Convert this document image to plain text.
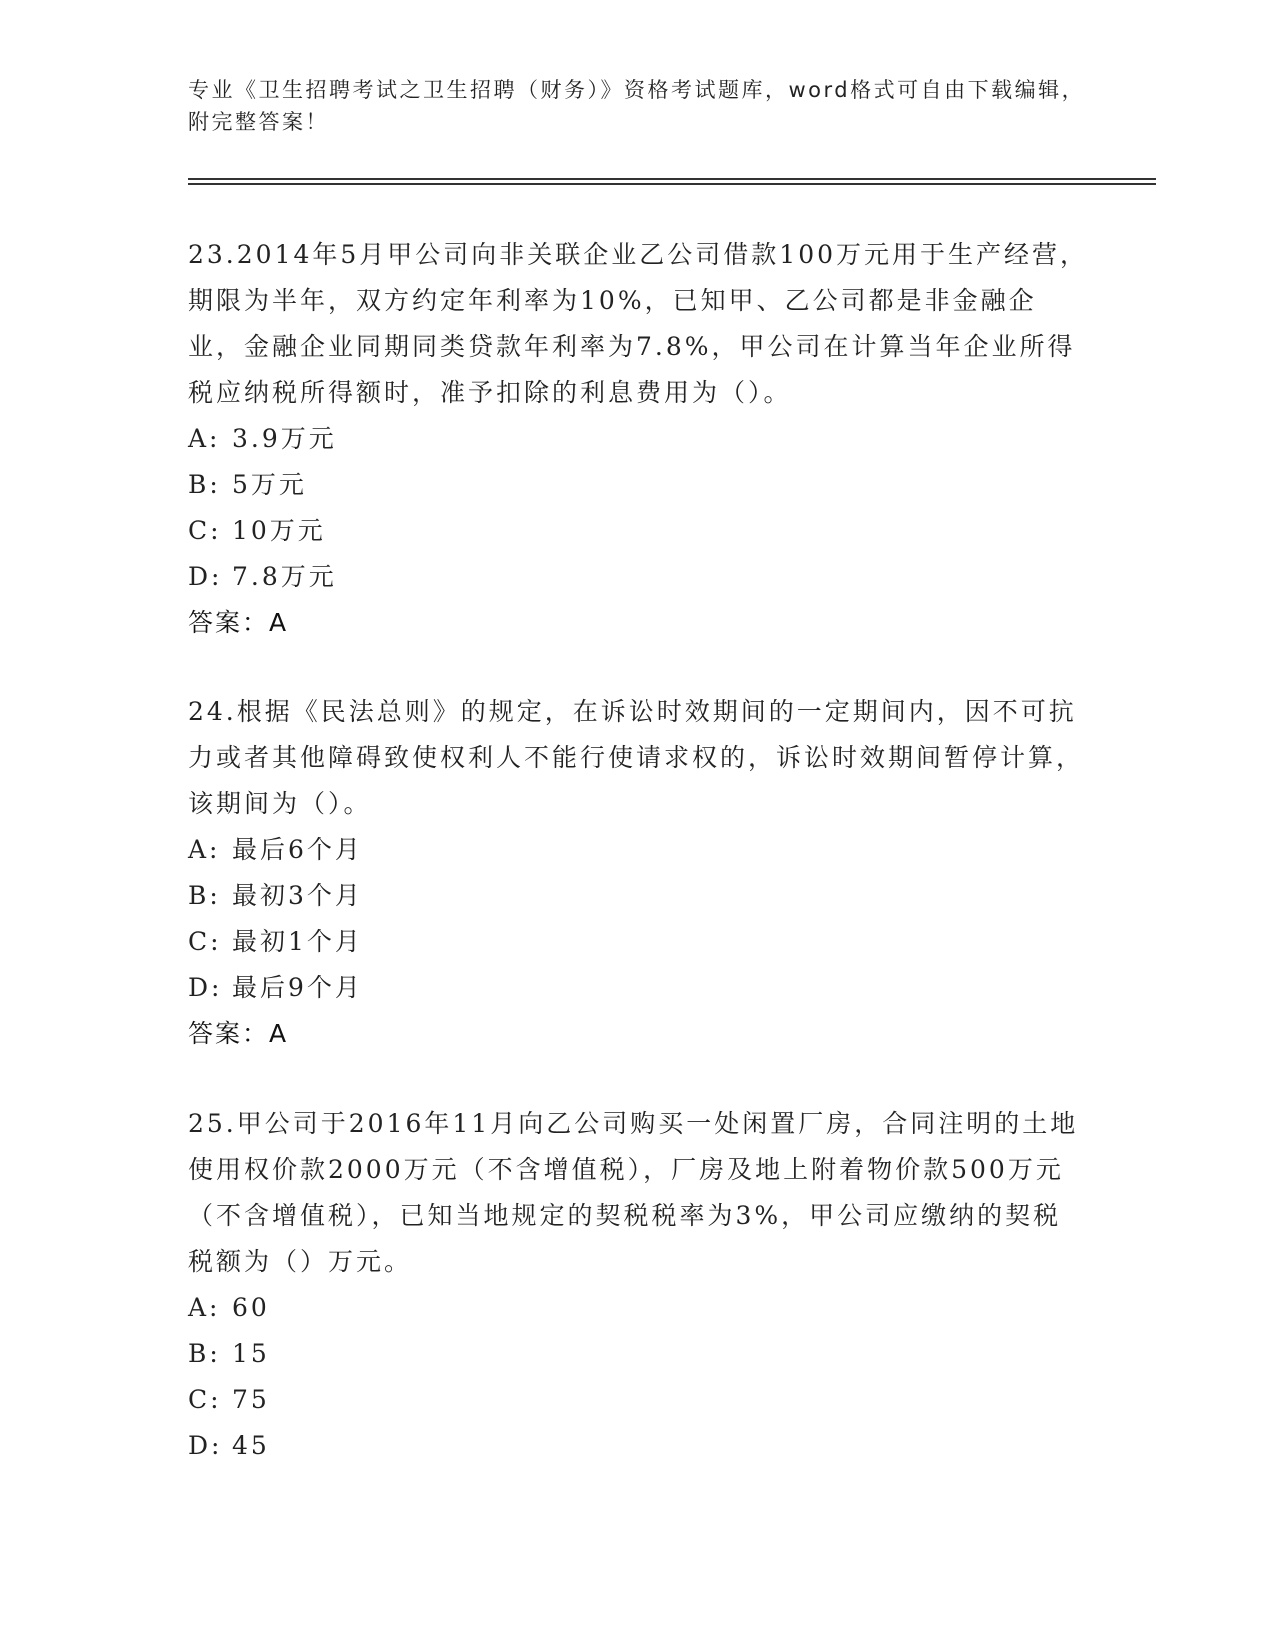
专业《卫生招聘考试之卫生招聘（财务）》资格考试题库，word格式可自由下载编辑，附完整答案！

23.2014年5月甲公司向非关联企业乙公司借款100万元用于生产经营，期限为半年，双方约定年利率为10%，已知甲、乙公司都是非金融企业，金融企业同期同类贷款年利率为7.8%，甲公司在计算当年企业所得税应纳税所得额时，准予扣除的利息费用为（）。

A: 3.9万元
B: 5万元
C: 10万元
D: 7.8万元

答案：A

24.根据《民法总则》的规定，在诉讼时效期间的一定期间内，因不可抗力或者其他障碍致使权利人不能行使请求权的，诉讼时效期间暂停计算，该期间为（）。

A: 最后6个月
B: 最初3个月
C: 最初1个月
D: 最后9个月

答案：A

25.甲公司于2016年11月向乙公司购买一处闲置厂房，合同注明的土地使用权价款2000万元（不含增值税），厂房及地上附着物价款500万元（不含增值税），已知当地规定的契税税率为3%，甲公司应缴纳的契税税额为（）万元。

A: 60
B: 15
C: 75
D: 45
